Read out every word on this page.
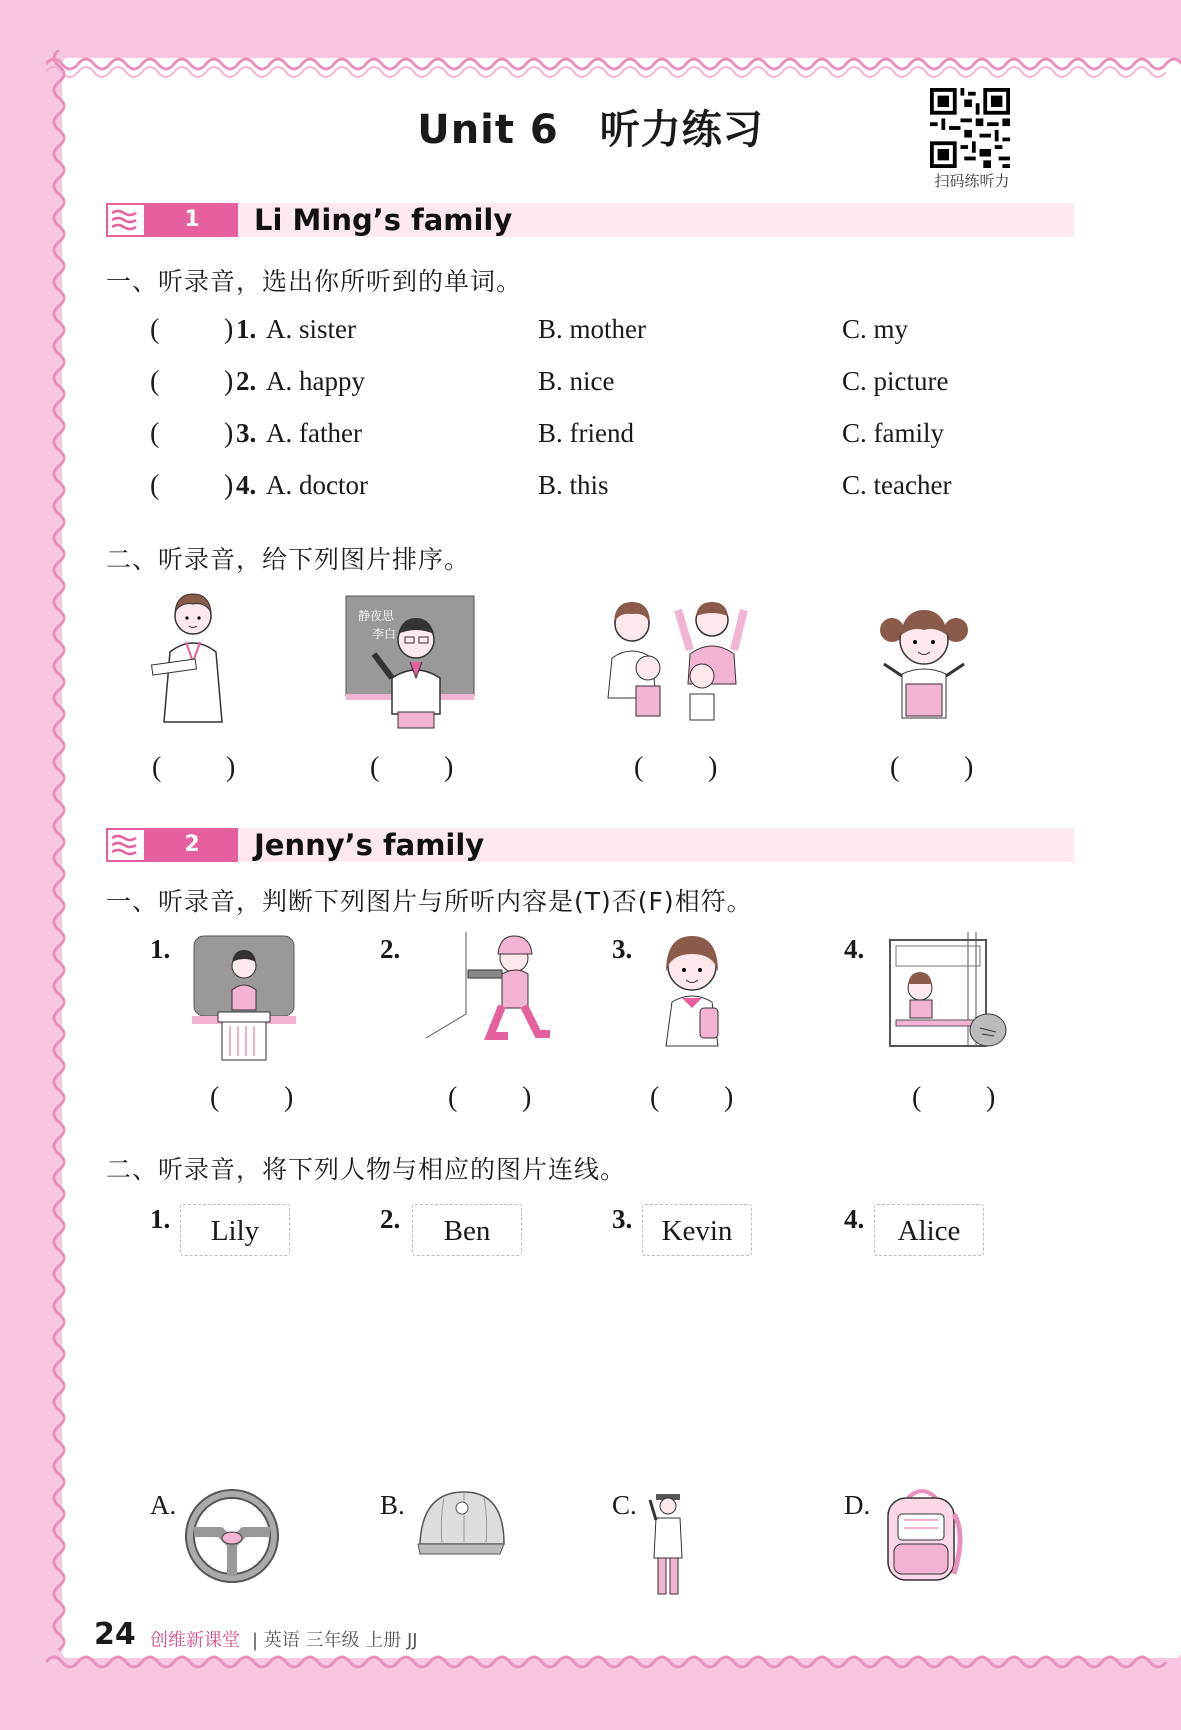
Unit 6　听力练习
扫码练听力
1	Li Ming’s family
一、听录音，选出你所听到的单词。
( ) 1. A. sister	B. mother	C. my
( ) 2. A. happy	B. nice	C. picture
( ) 3. A. father	B. friend	C. family
( ) 4. A. doctor	B. this	C. teacher
二、听录音，给下列图片排序。
静夜思
李白
( )	( )	( )	( )
2	Jenny’s family
一、听录音，判断下列图片与所听内容是(T)否(F)相符。
1.	2.	3.	4.
( )	( )	( )	( )
二、听录音，将下列人物与相应的图片连线。
1.	Lily	2.	Ben	3.	Kevin	4.	Alice
A.	B.	C.	D.
24 创维新课堂 | 英语 三年级 上册 JJ
